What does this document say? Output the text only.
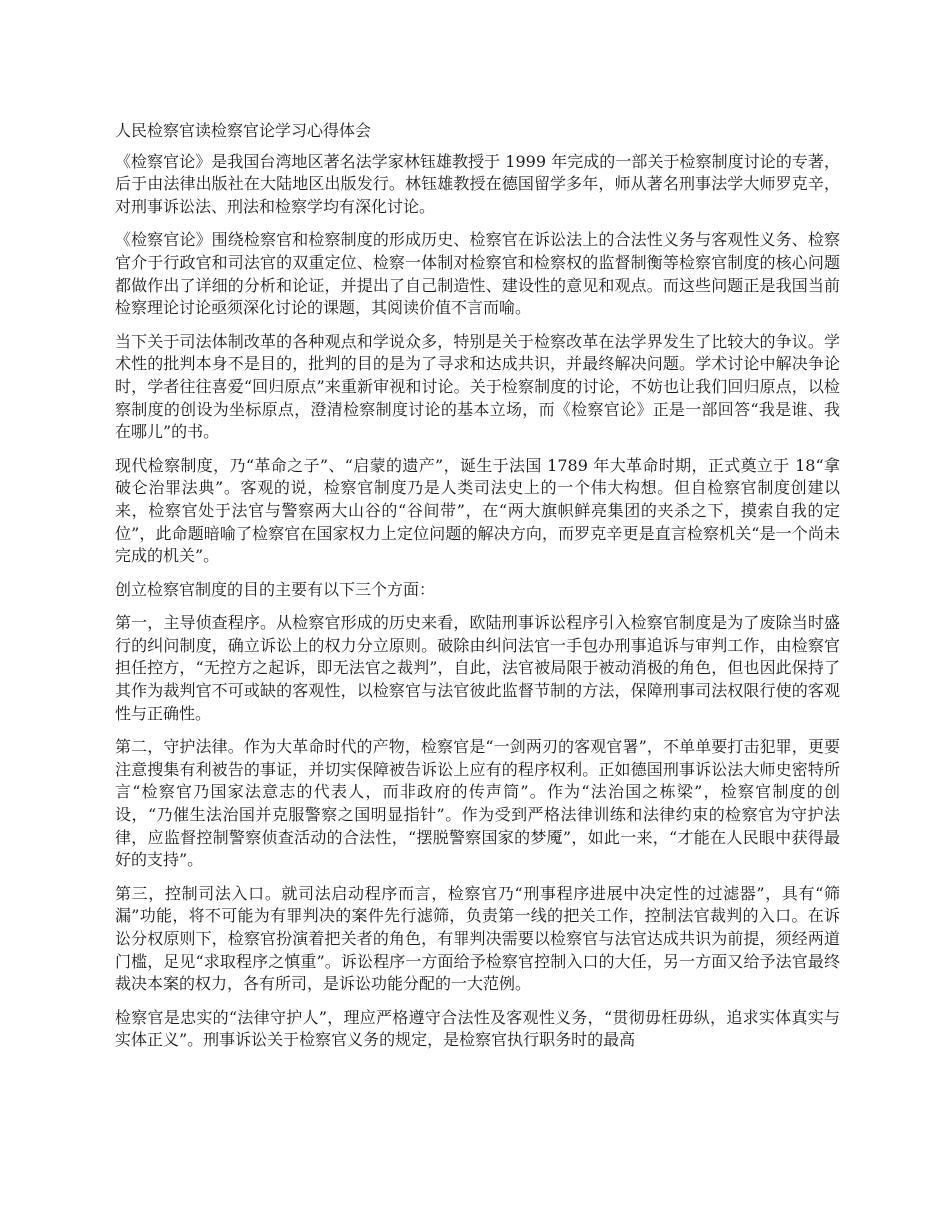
人民检察官读检察官论学习心得体会

《检察官论》是我国台湾地区著名法学家林钰雄教授于 1999 年完成的一部关于检察制度讨论的专著，后于由法律出版社在大陆地区出版发行。林钰雄教授在德国留学多年，师从著名刑事法学大师罗克辛，对刑事诉讼法、刑法和检察学均有深化讨论。

《检察官论》围绕检察官和检察制度的形成历史、检察官在诉讼法上的合法性义务与客观性义务、检察官介于行政官和司法官的双重定位、检察一体制对检察官和检察权的监督制衡等检察官制度的核心问题都做作出了详细的分析和论证，并提出了自己制造性、建设性的意见和观点。而这些问题正是我国当前检察理论讨论亟须深化讨论的课题，其阅读价值不言而喻。

当下关于司法体制改革的各种观点和学说众多，特别是关于检察改革在法学界发生了比较大的争议。学术性的批判本身不是目的，批判的目的是为了寻求和达成共识，并最终解决问题。学术讨论中解决争论时，学者往往喜爱“回归原点”来重新审视和讨论。关于检察制度的讨论，不妨也让我们回归原点，以检察制度的创设为坐标原点，澄清检察制度讨论的基本立场，而《检察官论》正是一部回答“我是谁、我在哪儿”的书。

现代检察制度，乃“革命之子”、“启蒙的遗产”，诞生于法国 1789 年大革命时期，正式奠立于 18“拿破仑治罪法典”。客观的说，检察官制度乃是人类司法史上的一个伟大构想。但自检察官制度创建以来，检察官处于法官与警察两大山谷的“谷间带”，在“两大旗帜鲜亮集团的夹杀之下，摸索自我的定位”，此命题暗喻了检察官在国家权力上定位问题的解决方向，而罗克辛更是直言检察机关“是一个尚未完成的机关”。

创立检察官制度的目的主要有以下三个方面：

第一，主导侦查程序。从检察官形成的历史来看，欧陆刑事诉讼程序引入检察官制度是为了废除当时盛行的纠问制度，确立诉讼上的权力分立原则。破除由纠问法官一手包办刑事追诉与审判工作，由检察官担任控方，“无控方之起诉，即无法官之裁判”，自此，法官被局限于被动消极的角色，但也因此保持了其作为裁判官不可或缺的客观性，以检察官与法官彼此监督节制的方法，保障刑事司法权限行使的客观性与正确性。

第二，守护法律。作为大革命时代的产物，检察官是“一剑两刃的客观官署”，不单单要打击犯罪，更要注意搜集有利被告的事证，并切实保障被告诉讼上应有的程序权利。正如德国刑事诉讼法大师史密特所言“检察官乃国家法意志的代表人，而非政府的传声筒”。作为“法治国之栋梁”，检察官制度的创设，“乃催生法治国并克服警察之国明显指针”。作为受到严格法律训练和法律约束的检察官为守护法律，应监督控制警察侦查活动的合法性，“摆脱警察国家的梦魇”，如此一来，“才能在人民眼中获得最好的支持”。

第三，控制司法入口。就司法启动程序而言，检察官乃“刑事程序进展中决定性的过滤器”，具有“筛漏”功能，将不可能为有罪判决的案件先行滤筛，负责第一线的把关工作，控制法官裁判的入口。在诉讼分权原则下，检察官扮演着把关者的角色，有罪判决需要以检察官与法官达成共识为前提，须经两道门槛，足见“求取程序之慎重”。诉讼程序一方面给予检察官控制入口的大任，另一方面又给予法官最终裁决本案的权力，各有所司，是诉讼功能分配的一大范例。

检察官是忠实的“法律守护人”，理应严格遵守合法性及客观性义务，“贯彻毋枉毋纵，追求实体真实与实体正义”。刑事诉讼关于检察官义务的规定，是检察官执行职务时的最高
